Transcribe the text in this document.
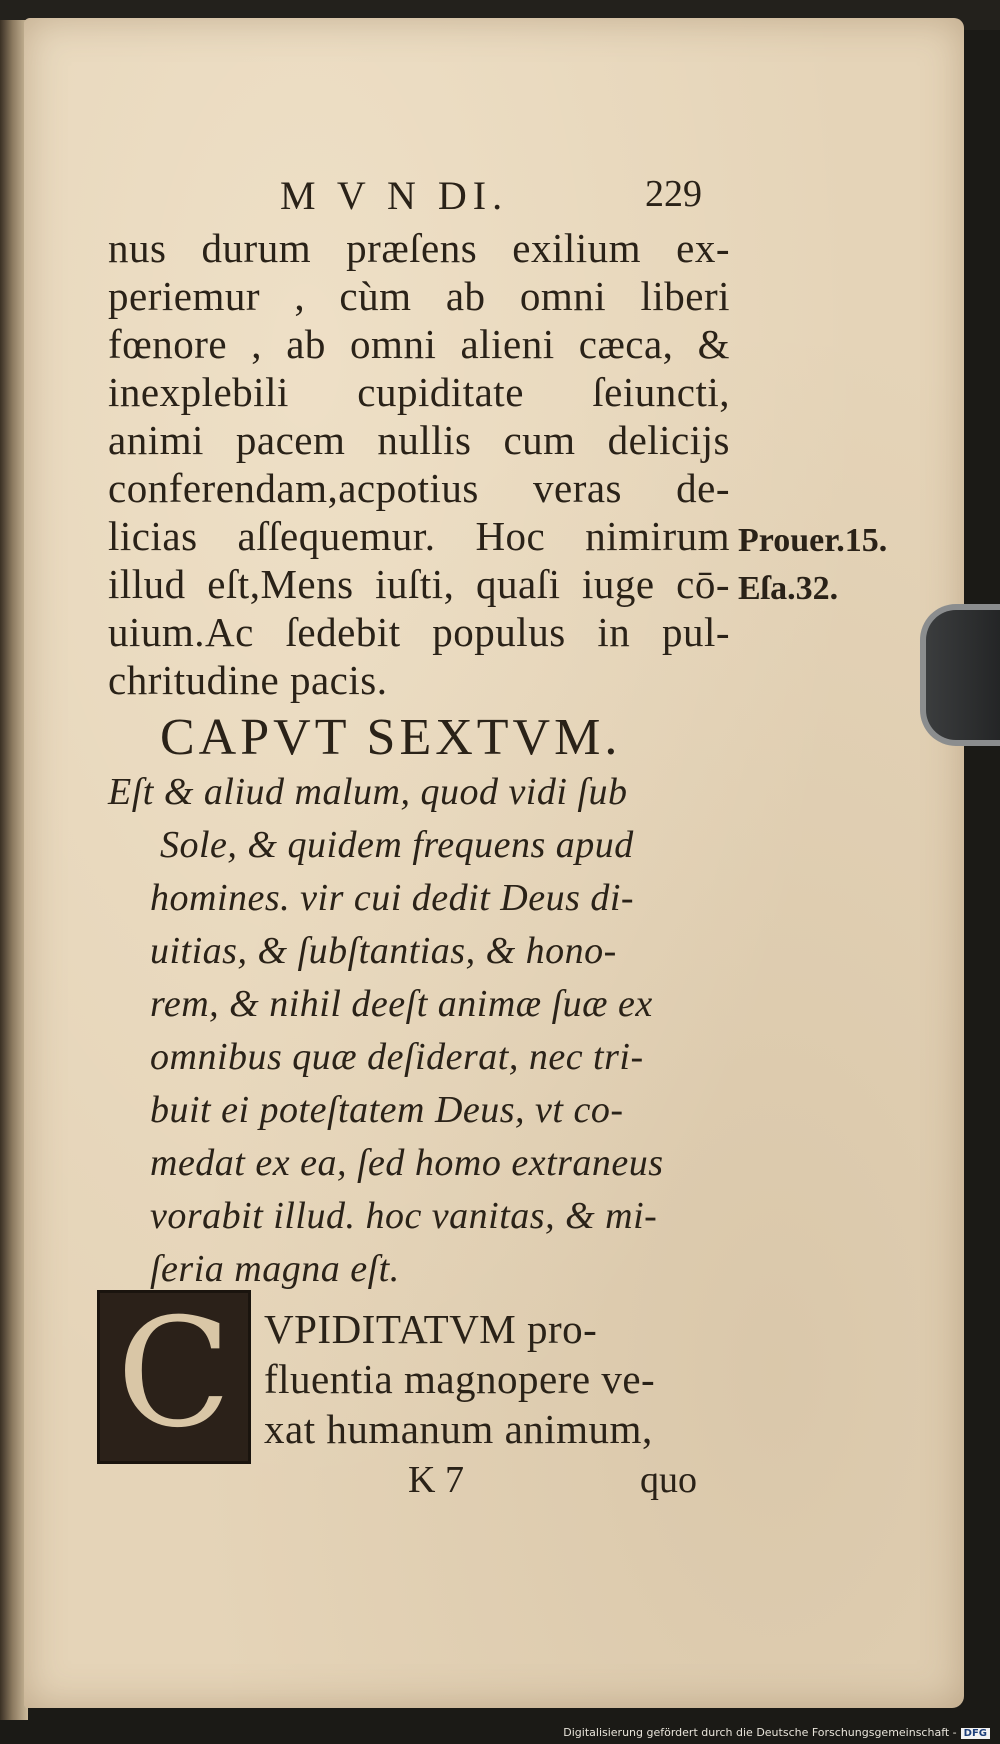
M V N DI.	229
nus durum præſens exilium ex-
periemur , cùm ab omni liberi
fœnore , ab omni alieni cæca, &
inexplebili cupiditate ſeiuncti,
animi pacem nullis cum delicijs
conferendam,acpotius veras de-
licias aſſequemur. Hoc nimirum
illud eſt,Mens iuſti, quaſi iuge cō-
uium.Ac ſedebit populus in pul-
chritudine pacis.
Prouer.15.
Eſa.32.
CAPVT SEXTVM.
Eſt & aliud malum, quod vidi ſub
Sole, & quidem frequens apud
homines. vir cui dedit Deus di-
uitias, & ſubſtantias, & hono-
rem, & nihil deeſt animæ ſuæ ex
omnibus quæ deſiderat, nec tri-
buit ei poteſtatem Deus, vt co-
medat ex ea, ſed homo extraneus
vorabit illud. hoc vanitas, & mi-
ſeria magna eſt.
C VPIDITATVM pro-
fluentia magnopere ve-
xat humanum animum,
K 7	quo
Digitalisierung gefördert durch die Deutsche Forschungsgemeinschaft - DFG
